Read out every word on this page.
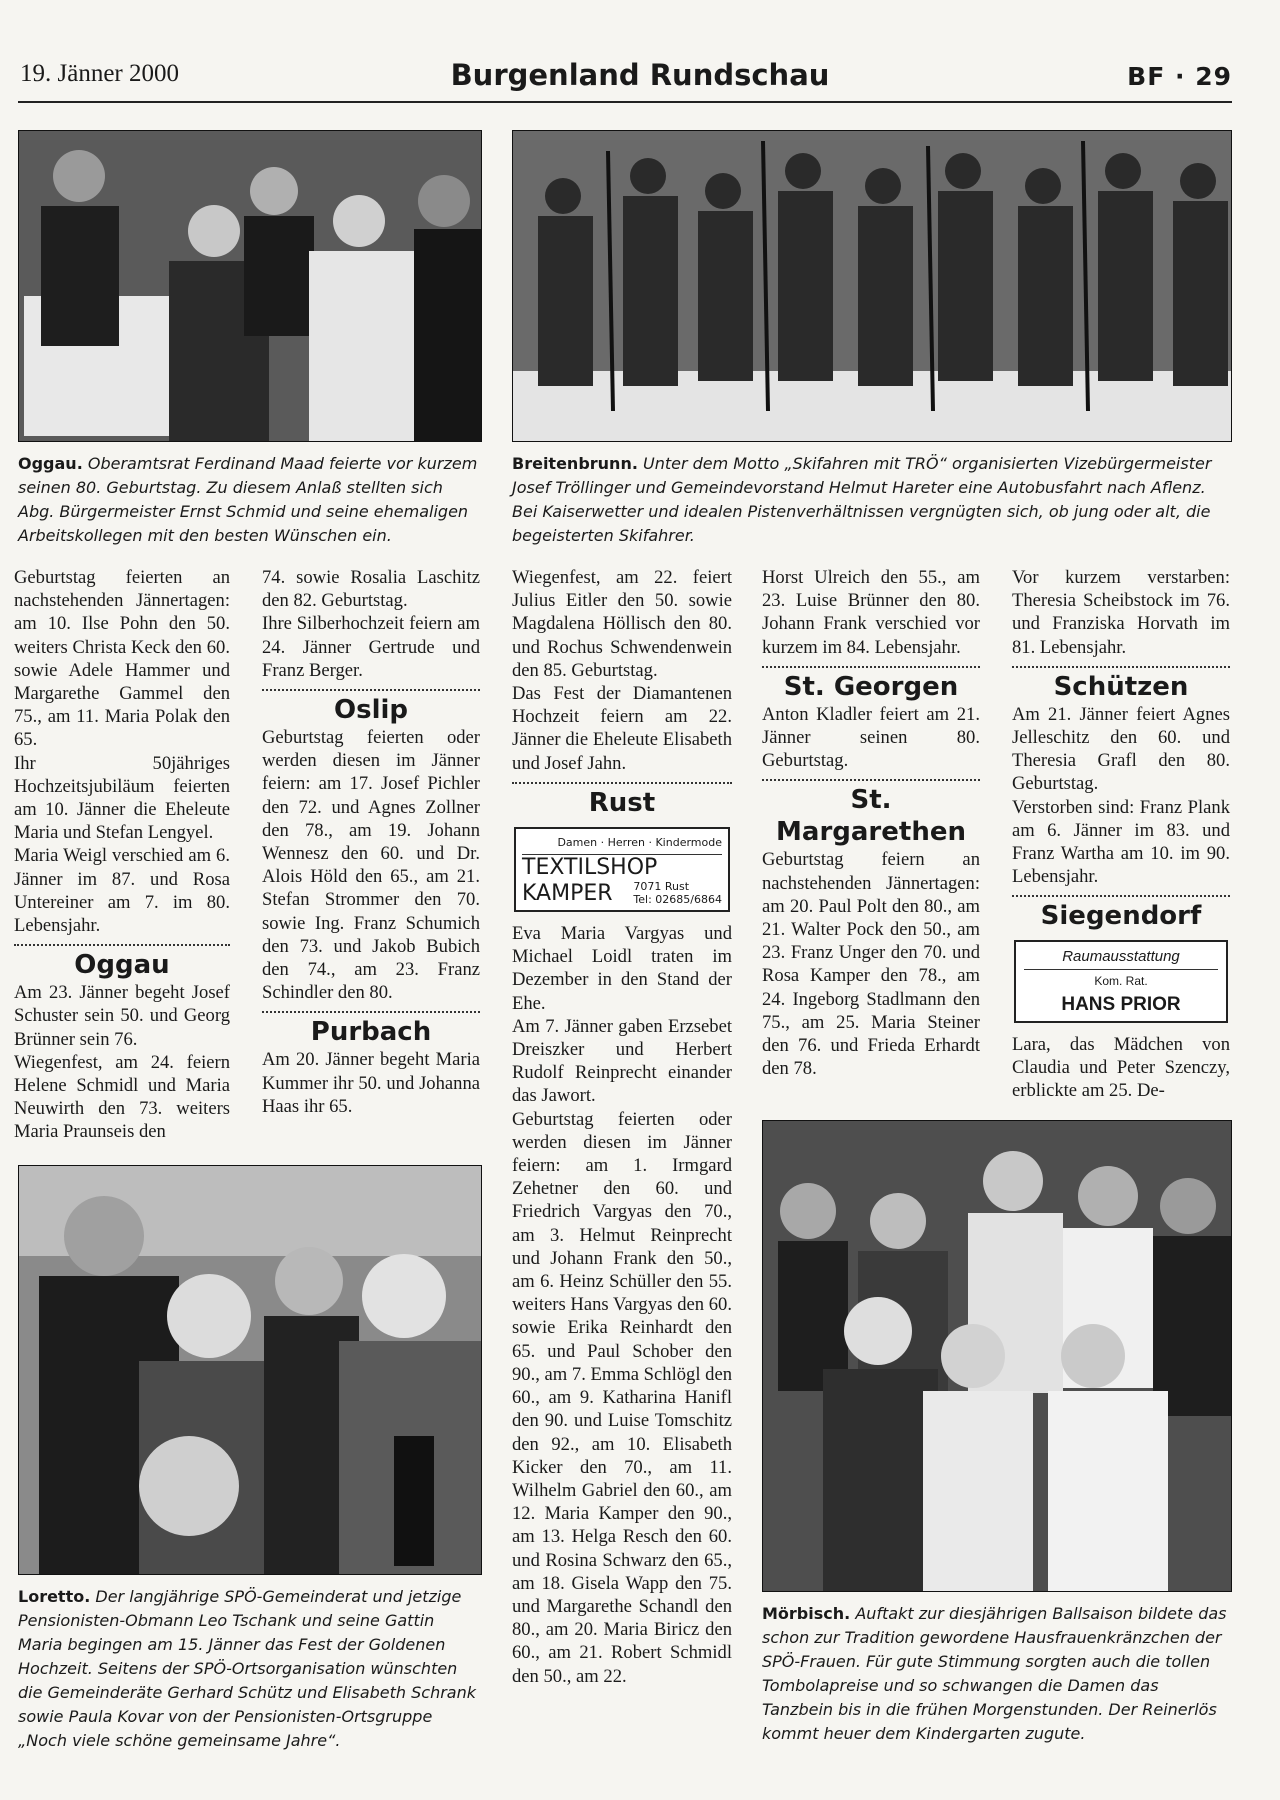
19. Jänner 2000	Burgenland Rundschau	BF · 29
Oggau. Oberamtsrat Ferdinand Maad feierte vor kurzem seinen 80. Geburtstag. Zu diesem Anlaß stellten sich Abg. Bürgermeister Ernst Schmid und seine ehemaligen Arbeitskollegen mit den besten Wünschen ein.
Breitenbrunn. Unter dem Motto „Skifahren mit TRÖ“ organisierten Vizebürgermeister Josef Tröllinger und Gemeindevorstand Helmut Hareter eine Autobusfahrt nach Aflenz. Bei Kaiserwetter und idealen Pistenverhältnissen vergnügten sich, ob jung oder alt, die begeisterten Skifahrer.
Loretto. Der langjährige SPÖ-Gemeinderat und jetzige Pensionisten-Obmann Leo Tschank und seine Gattin Maria begingen am 15. Jänner das Fest der Goldenen Hochzeit. Seitens der SPÖ-Ortsorganisation wünschten die Gemeinderäte Gerhard Schütz und Elisabeth Schrank sowie Paula Kovar von der Pensionisten-Ortsgruppe „Noch viele schöne gemeinsame Jahre“.
Mörbisch. Auftakt zur diesjährigen Ballsaison bildete das schon zur Tradition gewordene Hausfrauenkränzchen der SPÖ-Frauen. Für gute Stimmung sorgten auch die tollen Tombolapreise und so schwangen die Damen das Tanzbein bis in die frühen Morgenstunden. Der Reinerlös kommt heuer dem Kindergarten zugute.

Geburtstag feierten an nachstehenden Jännertagen: am 10. Ilse Pohn den 50. weiters Christa Keck den 60. sowie Adele Hammer und Margarethe Gammel den 75., am 11. Maria Polak den 65.

Ihr 50jähriges Hochzeitsjubiläum feierten am 10. Jänner die Eheleute Maria und Stefan Lengyel.

Maria Weigl verschied am 6. Jänner im 87. und Rosa Untereiner am 7. im 80. Lebensjahr.

Oggau

Am 23. Jänner begeht Josef Schuster sein 50. und Georg Brünner sein 76.

Wiegenfest, am 24. feiern Helene Schmidl und Maria Neuwirth den 73. weiters Maria Praunseis den

74. sowie Rosalia Laschitz den 82. Geburtstag.

Ihre Silberhochzeit feiern am 24. Jänner Gertrude und Franz Berger.

Oslip

Geburtstag feierten oder werden diesen im Jänner feiern: am 17. Josef Pichler den 72. und Agnes Zollner den 78., am 19. Johann Wennesz den 60. und Dr. Alois Höld den 65., am 21. Stefan Strommer den 70. sowie Ing. Franz Schumich den 73. und Jakob Bubich den 74., am 23. Franz Schindler den 80.

Purbach

Am 20. Jänner begeht Maria Kummer ihr 50. und Johanna Haas ihr 65.

Wiegenfest, am 22. feiert Julius Eitler den 50. sowie Magdalena Höllisch den 80. und Rochus Schwendenwein den 85. Geburtstag.

Das Fest der Diamantenen Hochzeit feiern am 22. Jänner die Eheleute Elisabeth und Josef Jahn.

Rust
Damen · Herren · Kindermode
TEXTILSHOP
KAMPER 7071 Rust
Tel: 02685/6864

Eva Maria Vargyas und Michael Loidl traten im Dezember in den Stand der Ehe.

Am 7. Jänner gaben Erzsebet Dreiszker und Herbert Rudolf Reinprecht einander das Jawort.

Geburtstag feierten oder werden diesen im Jänner feiern: am 1. Irmgard Zehetner den 60. und Friedrich Vargyas den 70., am 3. Helmut Reinprecht und Johann Frank den 50., am 6. Heinz Schüller den 55. weiters Hans Vargyas den 60. sowie Erika Reinhardt den 65. und Paul Schober den 90., am 7. Emma Schlögl den 60., am 9. Katharina Hanifl den 90. und Luise Tomschitz den 92., am 10. Elisabeth Kicker den 70., am 11. Wilhelm Gabriel den 60., am 12. Maria Kamper den 90., am 13. Helga Resch den 60. und Rosina Schwarz den 65., am 18. Gisela Wapp den 75. und Margarethe Schandl den 80., am 20. Maria Biricz den 60., am 21. Robert Schmidl den 50., am 22.

Horst Ulreich den 55., am 23. Luise Brünner den 80. Johann Frank verschied vor kurzem im 84. Lebensjahr.

St. Georgen

Anton Kladler feiert am 21. Jänner seinen 80. Geburtstag.

St. Margarethen

Geburtstag feiern an nachstehenden Jännertagen: am 20. Paul Polt den 80., am 21. Walter Pock den 50., am 23. Franz Unger den 70. und Rosa Kamper den 78., am 24. Ingeborg Stadlmann den 75., am 25. Maria Steiner den 76. und Frieda Erhardt den 78.

Vor kurzem verstarben: Theresia Scheibstock im 76. und Franziska Horvath im 81. Lebensjahr.

Schützen

Am 21. Jänner feiert Agnes Jelleschitz den 60. und Theresia Grafl den 80. Geburtstag.

Verstorben sind: Franz Plank am 6. Jänner im 83. und Franz Wartha am 10. im 90. Lebensjahr.

Siegendorf
Raumausstattung
Kom. Rat.
HANS PRIOR

Lara, das Mädchen von Claudia und Peter Szenczy, erblickte am 25. De-
